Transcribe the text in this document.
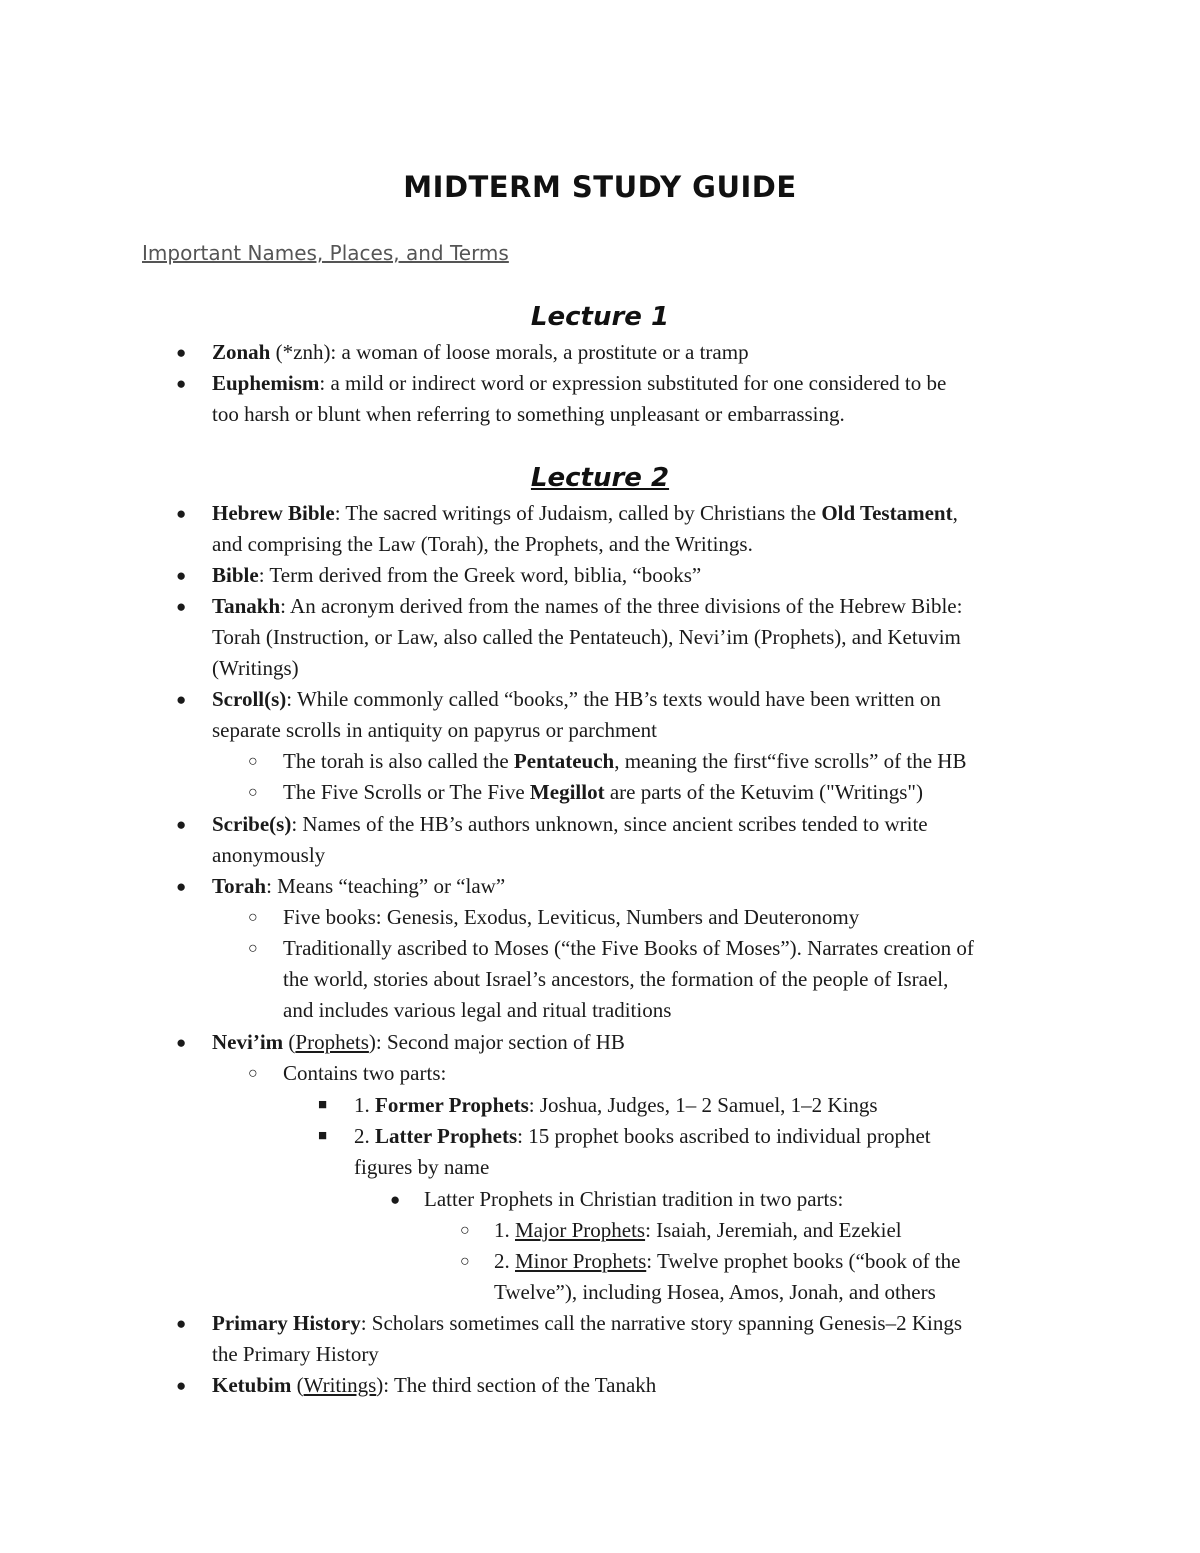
MIDTERM STUDY GUIDE
Important Names, Places, and Terms
Lecture 1
● Zonah (*znh): a woman of loose morals, a prostitute or a tramp
● Euphemism: a mild or indirect word or expression substituted for one considered to be
too harsh or blunt when referring to something unpleasant or embarrassing.
Lecture 2
● Hebrew Bible: The sacred writings of Judaism, called by Christians the Old Testament,
and comprising the Law (Torah), the Prophets, and the Writings.
● Bible: Term derived from the Greek word, biblia, “books”
● Tanakh: An acronym derived from the names of the three divisions of the Hebrew Bible:
Torah (Instruction, or Law, also called the Pentateuch), Nevi’im (Prophets), and Ketuvim
(Writings)
● Scroll(s): While commonly called “books,” the HB’s texts would have been written on
separate scrolls in antiquity on papyrus or parchment
○ The torah is also called the Pentateuch, meaning the first“five scrolls” of the HB
○ The Five Scrolls or The Five Megillot are parts of the Ketuvim ("Writings")
● Scribe(s): Names of the HB’s authors unknown, since ancient scribes tended to write
anonymously
● Torah: Means “teaching” or “law”
○ Five books: Genesis, Exodus, Leviticus, Numbers and Deuteronomy
○ Traditionally ascribed to Moses (“the Five Books of Moses”). Narrates creation of
the world, stories about Israel’s ancestors, the formation of the people of Israel,
and includes various legal and ritual traditions
● Nevi’im (Prophets): Second major section of HB
○ Contains two parts:
■ 1. Former Prophets: Joshua, Judges, 1– 2 Samuel, 1–2 Kings
■ 2. Latter Prophets: 15 prophet books ascribed to individual prophet
figures by name
● Latter Prophets in Christian tradition in two parts:
○ 1. Major Prophets: Isaiah, Jeremiah, and Ezekiel
○ 2. Minor Prophets: Twelve prophet books (“book of the
Twelve”), including Hosea, Amos, Jonah, and others
● Primary History: Scholars sometimes call the narrative story spanning Genesis–2 Kings
the Primary History
● Ketubim (Writings): The third section of the Tanakh
